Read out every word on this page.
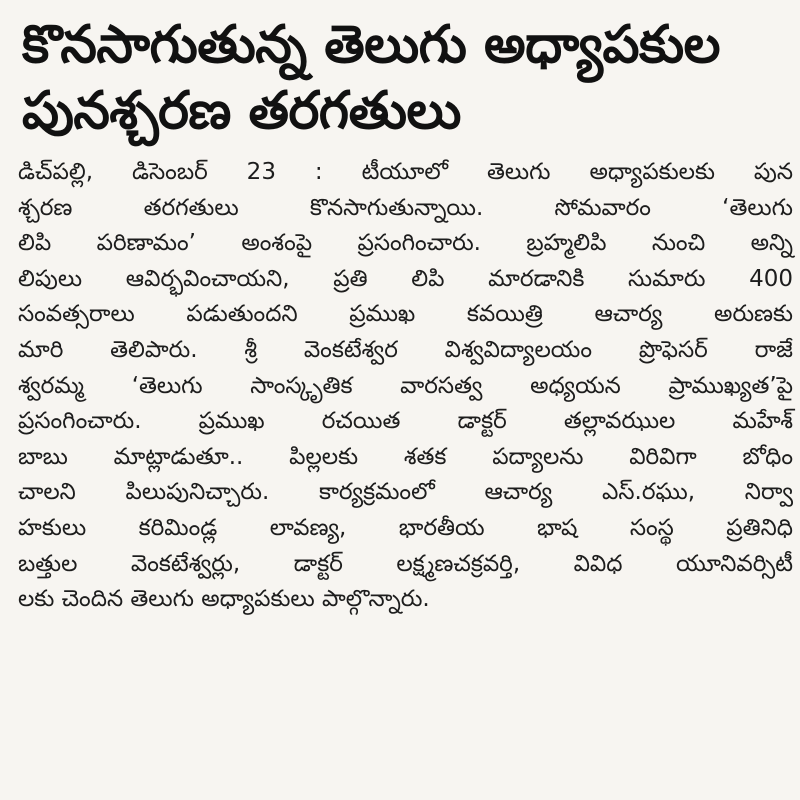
కొనసాగుతున్న తెలుగు అధ్యాపకుల
పునశ్చరణ తరగతులు
డిచ్‌పల్లి, డిసెంబర్ 23 : టీయూలో తెలుగు అధ్యాపకులకు పున
శ్చరణ తరగతులు కొనసాగుతున్నాయి. సోమవారం ‘తెలుగు
లిపి పరిణామం’ అంశంపై ప్రసంగించారు. బ్రహ్మలిపి నుంచి అన్ని
లిపులు ఆవిర్భవించాయని, ప్రతి లిపి మారడానికి సుమారు 400
సంవత్సరాలు పడుతుందని ప్రముఖ కవయిత్రి ఆచార్య అరుణకు
మారి తెలిపారు. శ్రీ వెంకటేశ్వర విశ్వవిద్యాలయం ప్రొఫెసర్ రాజే
శ్వరమ్మ ‘తెలుగు సాంస్కృతిక వారసత్వ అధ్యయన ప్రాముఖ్యత’పై
ప్రసంగించారు. ప్రముఖ రచయిత డాక్టర్ తల్లావఝుల మహేశ్
బాబు మాట్లాడుతూ.. పిల్లలకు శతక పద్యాలను విరివిగా బోధిం
చాలని పిలుపునిచ్చారు. కార్యక్రమంలో ఆచార్య ఎస్.రఘు, నిర్వా
హకులు కరిమిండ్ల లావణ్య, భారతీయ భాష సంస్థ ప్రతినిధి
బత్తుల వెంకటేశ్వర్లు, డాక్టర్ లక్ష్మణచక్రవర్తి, వివిధ యూనివర్సిటీ
లకు చెందిన తెలుగు అధ్యాపకులు పాల్గొన్నారు.
